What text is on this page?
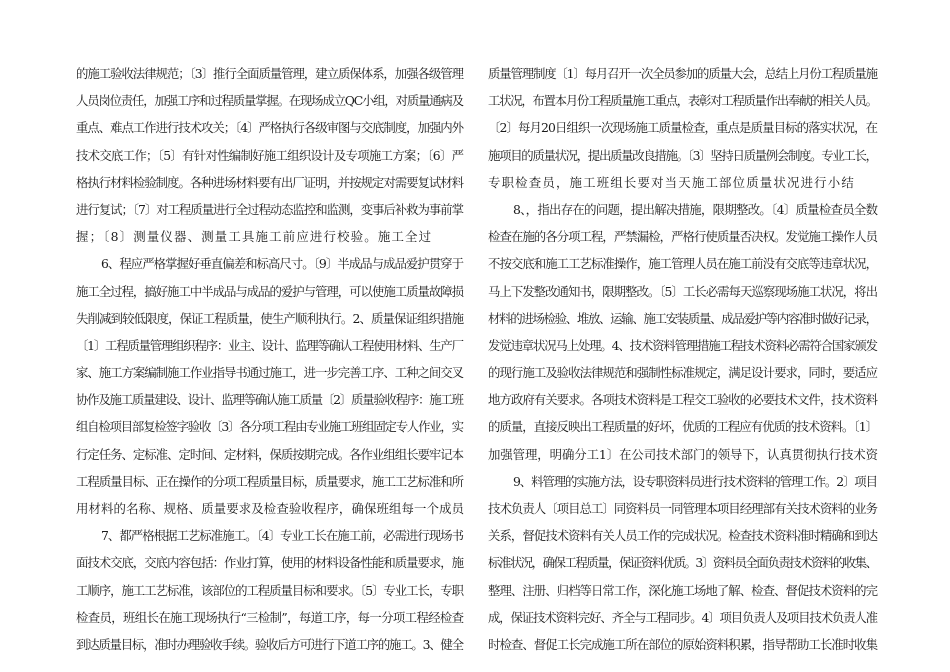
的施工验收法律规范；〔3〕推行全面质量管理，建立质保体系，加强各级管理
人员岗位责任，加强工序和过程质量掌握。在现场成立QC小组，对质量通病及
重点、难点工作进行技术攻关；〔4〕严格执行各级审图与交底制度，加强内外
技术交底工作；〔5〕有针对性编制好施工组织设计及专项施工方案；〔6〕严
格执行材料检验制度。各种进场材料要有出厂证明，并按规定对需要复试材料
进行复试；〔7〕对工程质量进行全过程动态监控和监测，变事后补救为事前掌
握；〔8〕测量仪器、测量工具施工前应进行校验。施工全过
6、程应严格掌握好垂直偏差和标高尺寸。〔9〕半成品与成品爱护贯穿于
施工全过程，搞好施工中半成品与成品的爱护与管理，可以使施工质量故障损
失削减到较低限度，保证工程质量，使生产顺利执行。2、质量保证组织措施
〔1〕工程质量管理组织程序：业主、设计、监理等确认工程使用材料、生产厂
家、施工方案编制施工作业指导书通过施工，进一步完善工序、工种之间交叉
协作及施工质量建设、设计、监理等确认施工质量〔2〕质量验收程序：施工班
组自检项目部复检签字验收〔3〕各分项工程由专业施工班组固定专人作业，实
行定任务、定标准、定时间、定材料，保质按期完成。各作业组组长要牢记本
工程质量目标、正在操作的分项工程质量目标，质量要求，施工工艺标准和所
用材料的名称、规格、质量要求及检查验收程序，确保班组每一个成员
7、都严格根据工艺标准施工。〔4〕专业工长在施工前，必需进行现场书
面技术交底，交底内容包括：作业打算，使用的材料设备性能和质量要求，施
工顺序，施工工艺标准，该部位的工程质量目标和要求。〔5〕专业工长，专职
检查员，班组长在施工现场执行“三检制”，每道工序，每一分项工程经检查
到达质量目标，准时办理验收手续。验收后方可进行下道工序的施工。3、健全
质量管理制度〔1〕每月召开一次全员参加的质量大会，总结上月份工程质量施
工状况，布置本月份工程质量施工重点，表彰对工程质量作出奉献的相关人员。
〔2〕每月20日组织一次现场施工质量检查，重点是质量目标的落实状况，在
施项目的质量状况，提出质量改良措施。〔3〕坚持日质量例会制度。专业工长，
专职检查员，施工班组长要对当天施工部位质量状况进行小结
8、，指出存在的问题，提出解决措施，限期整改。〔4〕质量检查员全数
检查在施的各分项工程，严禁漏检，严格行使质量否决权。发觉施工操作人员
不按交底和施工工艺标准操作，施工管理人员在施工前没有交底等违章状况，
马上下发整改通知书，限期整改。〔5〕工长必需每天巡察现场施工状况，将出
材料的进场检验、堆放、运输、施工安装质量、成品爱护等内容准时做好记录，
发觉违章状况马上处理。4、技术资料管理措施工程技术资料必需符合国家颁发
的现行施工及验收法律规范和强制性标准规定，满足设计要求，同时，要适应
地方政府有关要求。各项技术资料是工程交工验收的必要技术文件，技术资料
的质量，直接反映出工程质量的好坏，优质的工程应有优质的技术资料。〔1〕
加强管理，明确分工1〕在公司技术部门的领导下，认真贯彻执行技术资
9、料管理的实施方法，设专职资料员进行技术资料的管理工作。2〕项目
技术负责人〔项目总工〕同资料员一同管理本项目经理部有关技术资料的业务
关系，督促技术资料有关人员工作的完成状况。检查技术资料准时精确和到达
标准状况，确保工程质量，保证资料优质。3〕资料员全面负责技术资料的收集、
整理、注册、归档等日常工作，深化施工场地了解、检查、督促技术资料的完
成，保证技术资料完好、齐全与工程同步。4〕项目负责人及项目技术负责人准
时检查、督促工长完成施工所在部位的原始资料积累，指导帮助工长准时收集
